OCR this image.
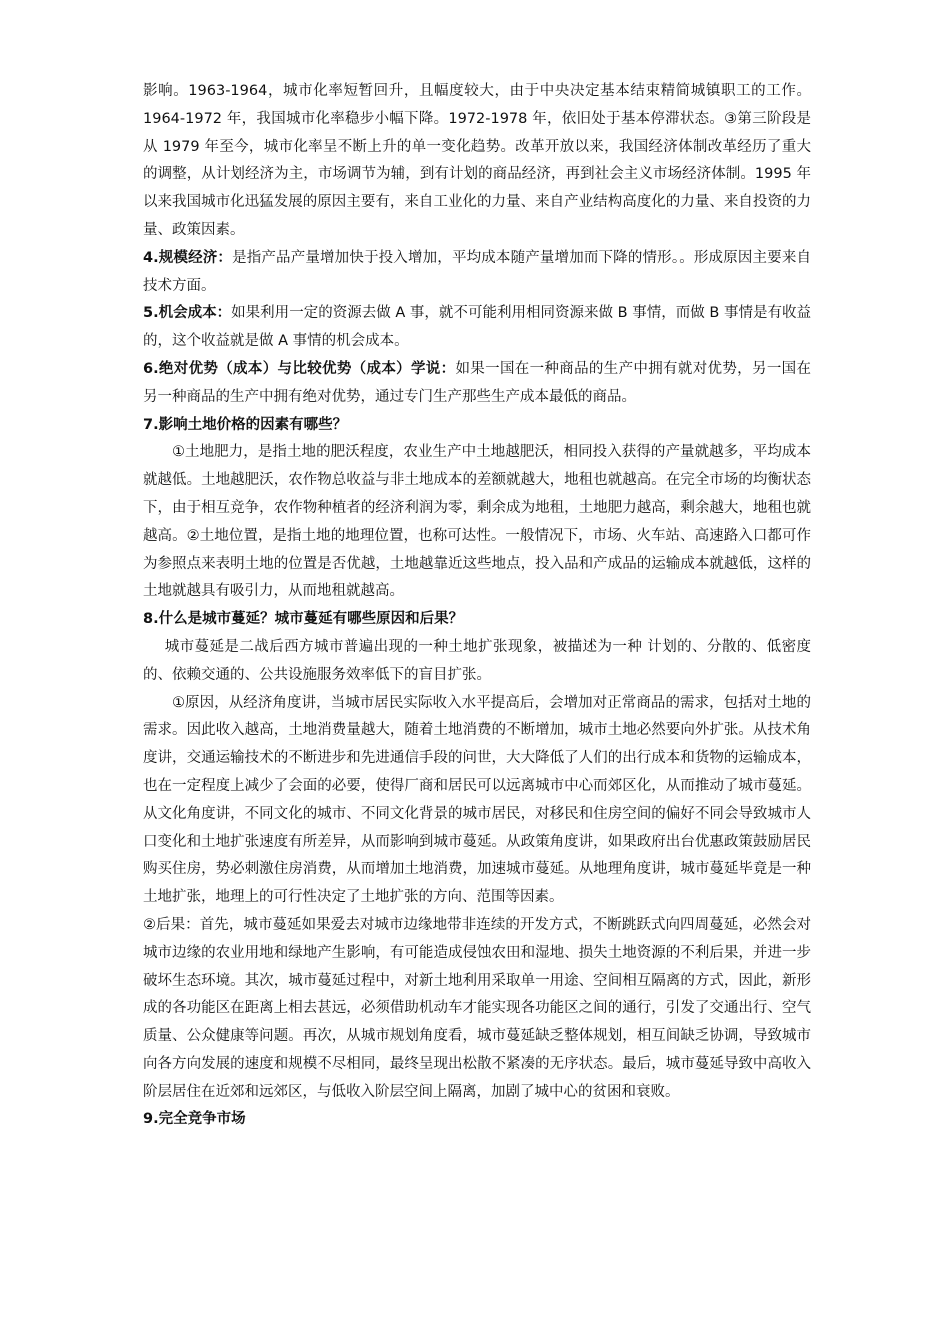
影响。1963-1964，城市化率短暂回升，且幅度较大，由于中央决定基本结束精简城镇职工的工作。1964-1972 年，我国城市化率稳步小幅下降。1972-1978 年，依旧处于基本停滞状态。③第三阶段是从 1979 年至今，城市化率呈不断上升的单一变化趋势。改革开放以来，我国经济体制改革经历了重大的调整，从计划经济为主，市场调节为辅，到有计划的商品经济，再到社会主义市场经济体制。1995 年以来我国城市化迅猛发展的原因主要有，来自工业化的力量、来自产业结构高度化的力量、来自投资的力量、政策因素。

4.规模经济：是指产品产量增加快于投入增加，平均成本随产量增加而下降的情形。。形成原因主要来自技术方面。

5.机会成本：如果利用一定的资源去做 A 事，就不可能利用相同资源来做 B 事情，而做 B 事情是有收益的，这个收益就是做 A 事情的机会成本。

6.绝对优势（成本）与比较优势（成本）学说：如果一国在一种商品的生产中拥有就对优势，另一国在另一种商品的生产中拥有绝对优势，通过专门生产那些生产成本最低的商品。

7.影响土地价格的因素有哪些？

①土地肥力，是指土地的肥沃程度，农业生产中土地越肥沃，相同投入获得的产量就越多，平均成本就越低。土地越肥沃，农作物总收益与非土地成本的差额就越大，地租也就越高。在完全市场的均衡状态下，由于相互竞争，农作物种植者的经济利润为零，剩余成为地租，土地肥力越高，剩余越大，地租也就越高。②土地位置，是指土地的地理位置，也称可达性。一般情况下，市场、火车站、高速路入口都可作为参照点来表明土地的位置是否优越，土地越靠近这些地点，投入品和产成品的运输成本就越低，这样的土地就越具有吸引力，从而地租就越高。

8.什么是城市蔓延？城市蔓延有哪些原因和后果？

城市蔓延是二战后西方城市普遍出现的一种土地扩张现象，被描述为一种 计划的、分散的、低密度的、依赖交通的、公共设施服务效率低下的盲目扩张。

①原因，从经济角度讲，当城市居民实际收入水平提高后，会增加对正常商品的需求，包括对土地的需求。因此收入越高，土地消费量越大，随着土地消费的不断增加，城市土地必然要向外扩张。从技术角度讲，交通运输技术的不断进步和先进通信手段的问世，大大降低了人们的出行成本和货物的运输成本，也在一定程度上减少了会面的必要，使得厂商和居民可以远离城市中心而郊区化，从而推动了城市蔓延。从文化角度讲，不同文化的城市、不同文化背景的城市居民，对移民和住房空间的偏好不同会导致城市人口变化和土地扩张速度有所差异，从而影响到城市蔓延。从政策角度讲，如果政府出台优惠政策鼓励居民购买住房，势必刺激住房消费，从而增加土地消费，加速城市蔓延。从地理角度讲，城市蔓延毕竟是一种土地扩张，地理上的可行性决定了土地扩张的方向、范围等因素。

②后果：首先，城市蔓延如果爱去对城市边缘地带非连续的开发方式，不断跳跃式向四周蔓延，必然会对城市边缘的农业用地和绿地产生影响，有可能造成侵蚀农田和湿地、损失土地资源的不利后果，并进一步破坏生态环境。其次，城市蔓延过程中，对新土地利用采取单一用途、空间相互隔离的方式，因此，新形成的各功能区在距离上相去甚远，必须借助机动车才能实现各功能区之间的通行，引发了交通出行、空气质量、公众健康等问题。再次，从城市规划角度看，城市蔓延缺乏整体规划，相互间缺乏协调，导致城市向各方向发展的速度和规模不尽相同，最终呈现出松散不紧凑的无序状态。最后，城市蔓延导致中高收入阶层居住在近郊和远郊区，与低收入阶层空间上隔离，加剧了城中心的贫困和衰败。

9.完全竞争市场
